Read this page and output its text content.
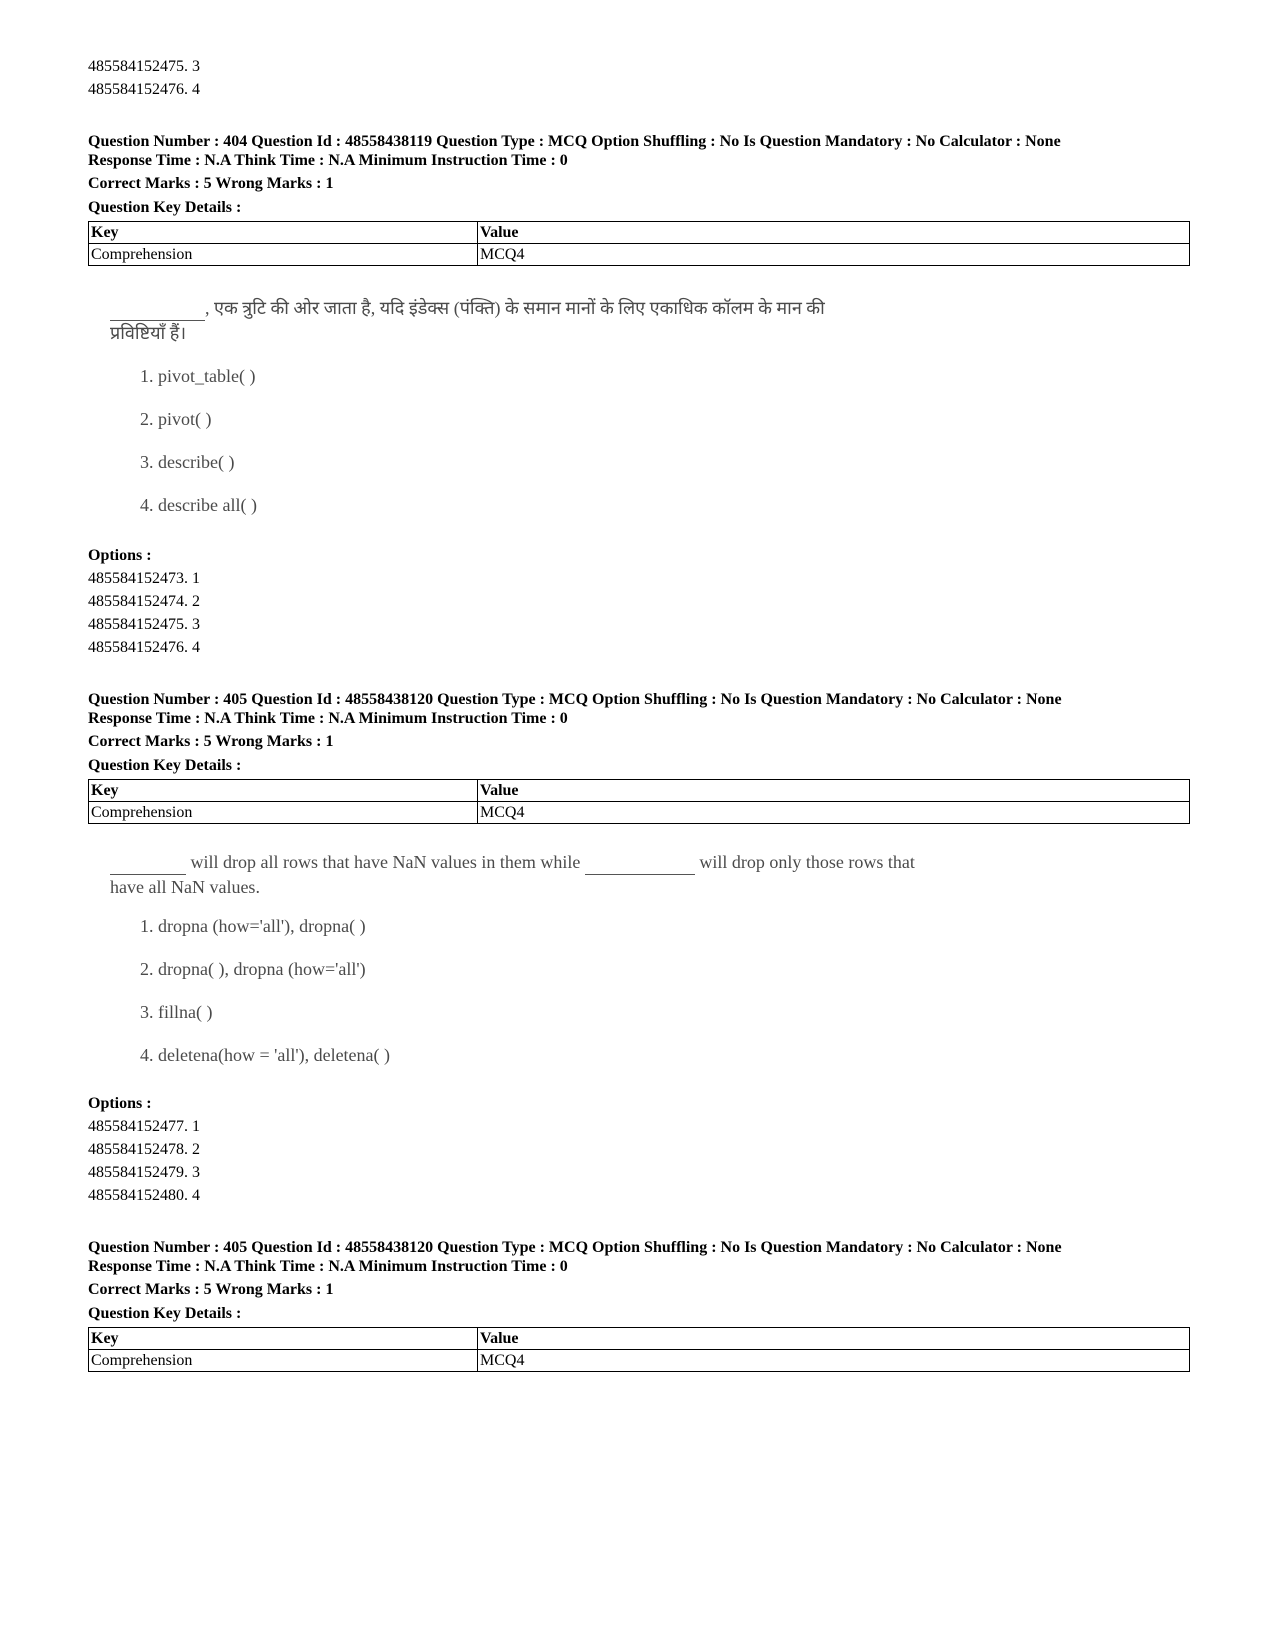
485584152475. 3
485584152476. 4
Question Number : 404 Question Id : 48558438119 Question Type : MCQ Option Shuffling : No Is Question Mandatory : No Calculator : None
Response Time : N.A Think Time : N.A Minimum Instruction Time : 0
Correct Marks : 5 Wrong Marks : 1
Question Key Details :
Key	Value
Comprehension	MCQ4
, एक त्रुटि की ओर जाता है, यदि इंडेक्स (पंक्ति) के समान मानों के लिए एकाधिक कॉलम के मान की
प्रविष्टियाँ हैं।
1. pivot_table( )
2. pivot( )
3. describe( )
4. describe all( )
Options :
485584152473. 1
485584152474. 2
485584152475. 3
485584152476. 4
Question Number : 405 Question Id : 48558438120 Question Type : MCQ Option Shuffling : No Is Question Mandatory : No Calculator : None
Response Time : N.A Think Time : N.A Minimum Instruction Time : 0
Correct Marks : 5 Wrong Marks : 1
Question Key Details :
Key	Value
Comprehension	MCQ4
will drop all rows that have NaN values in them while	will drop only those rows that
have all NaN values.
1. dropna (how='all'), dropna( )
2. dropna( ), dropna (how='all')
3. fillna( )
4. deletena(how = 'all'), deletena( )
Options :
485584152477. 1
485584152478. 2
485584152479. 3
485584152480. 4
Question Number : 405 Question Id : 48558438120 Question Type : MCQ Option Shuffling : No Is Question Mandatory : No Calculator : None
Response Time : N.A Think Time : N.A Minimum Instruction Time : 0
Correct Marks : 5 Wrong Marks : 1
Question Key Details :
Key	Value
Comprehension	MCQ4
